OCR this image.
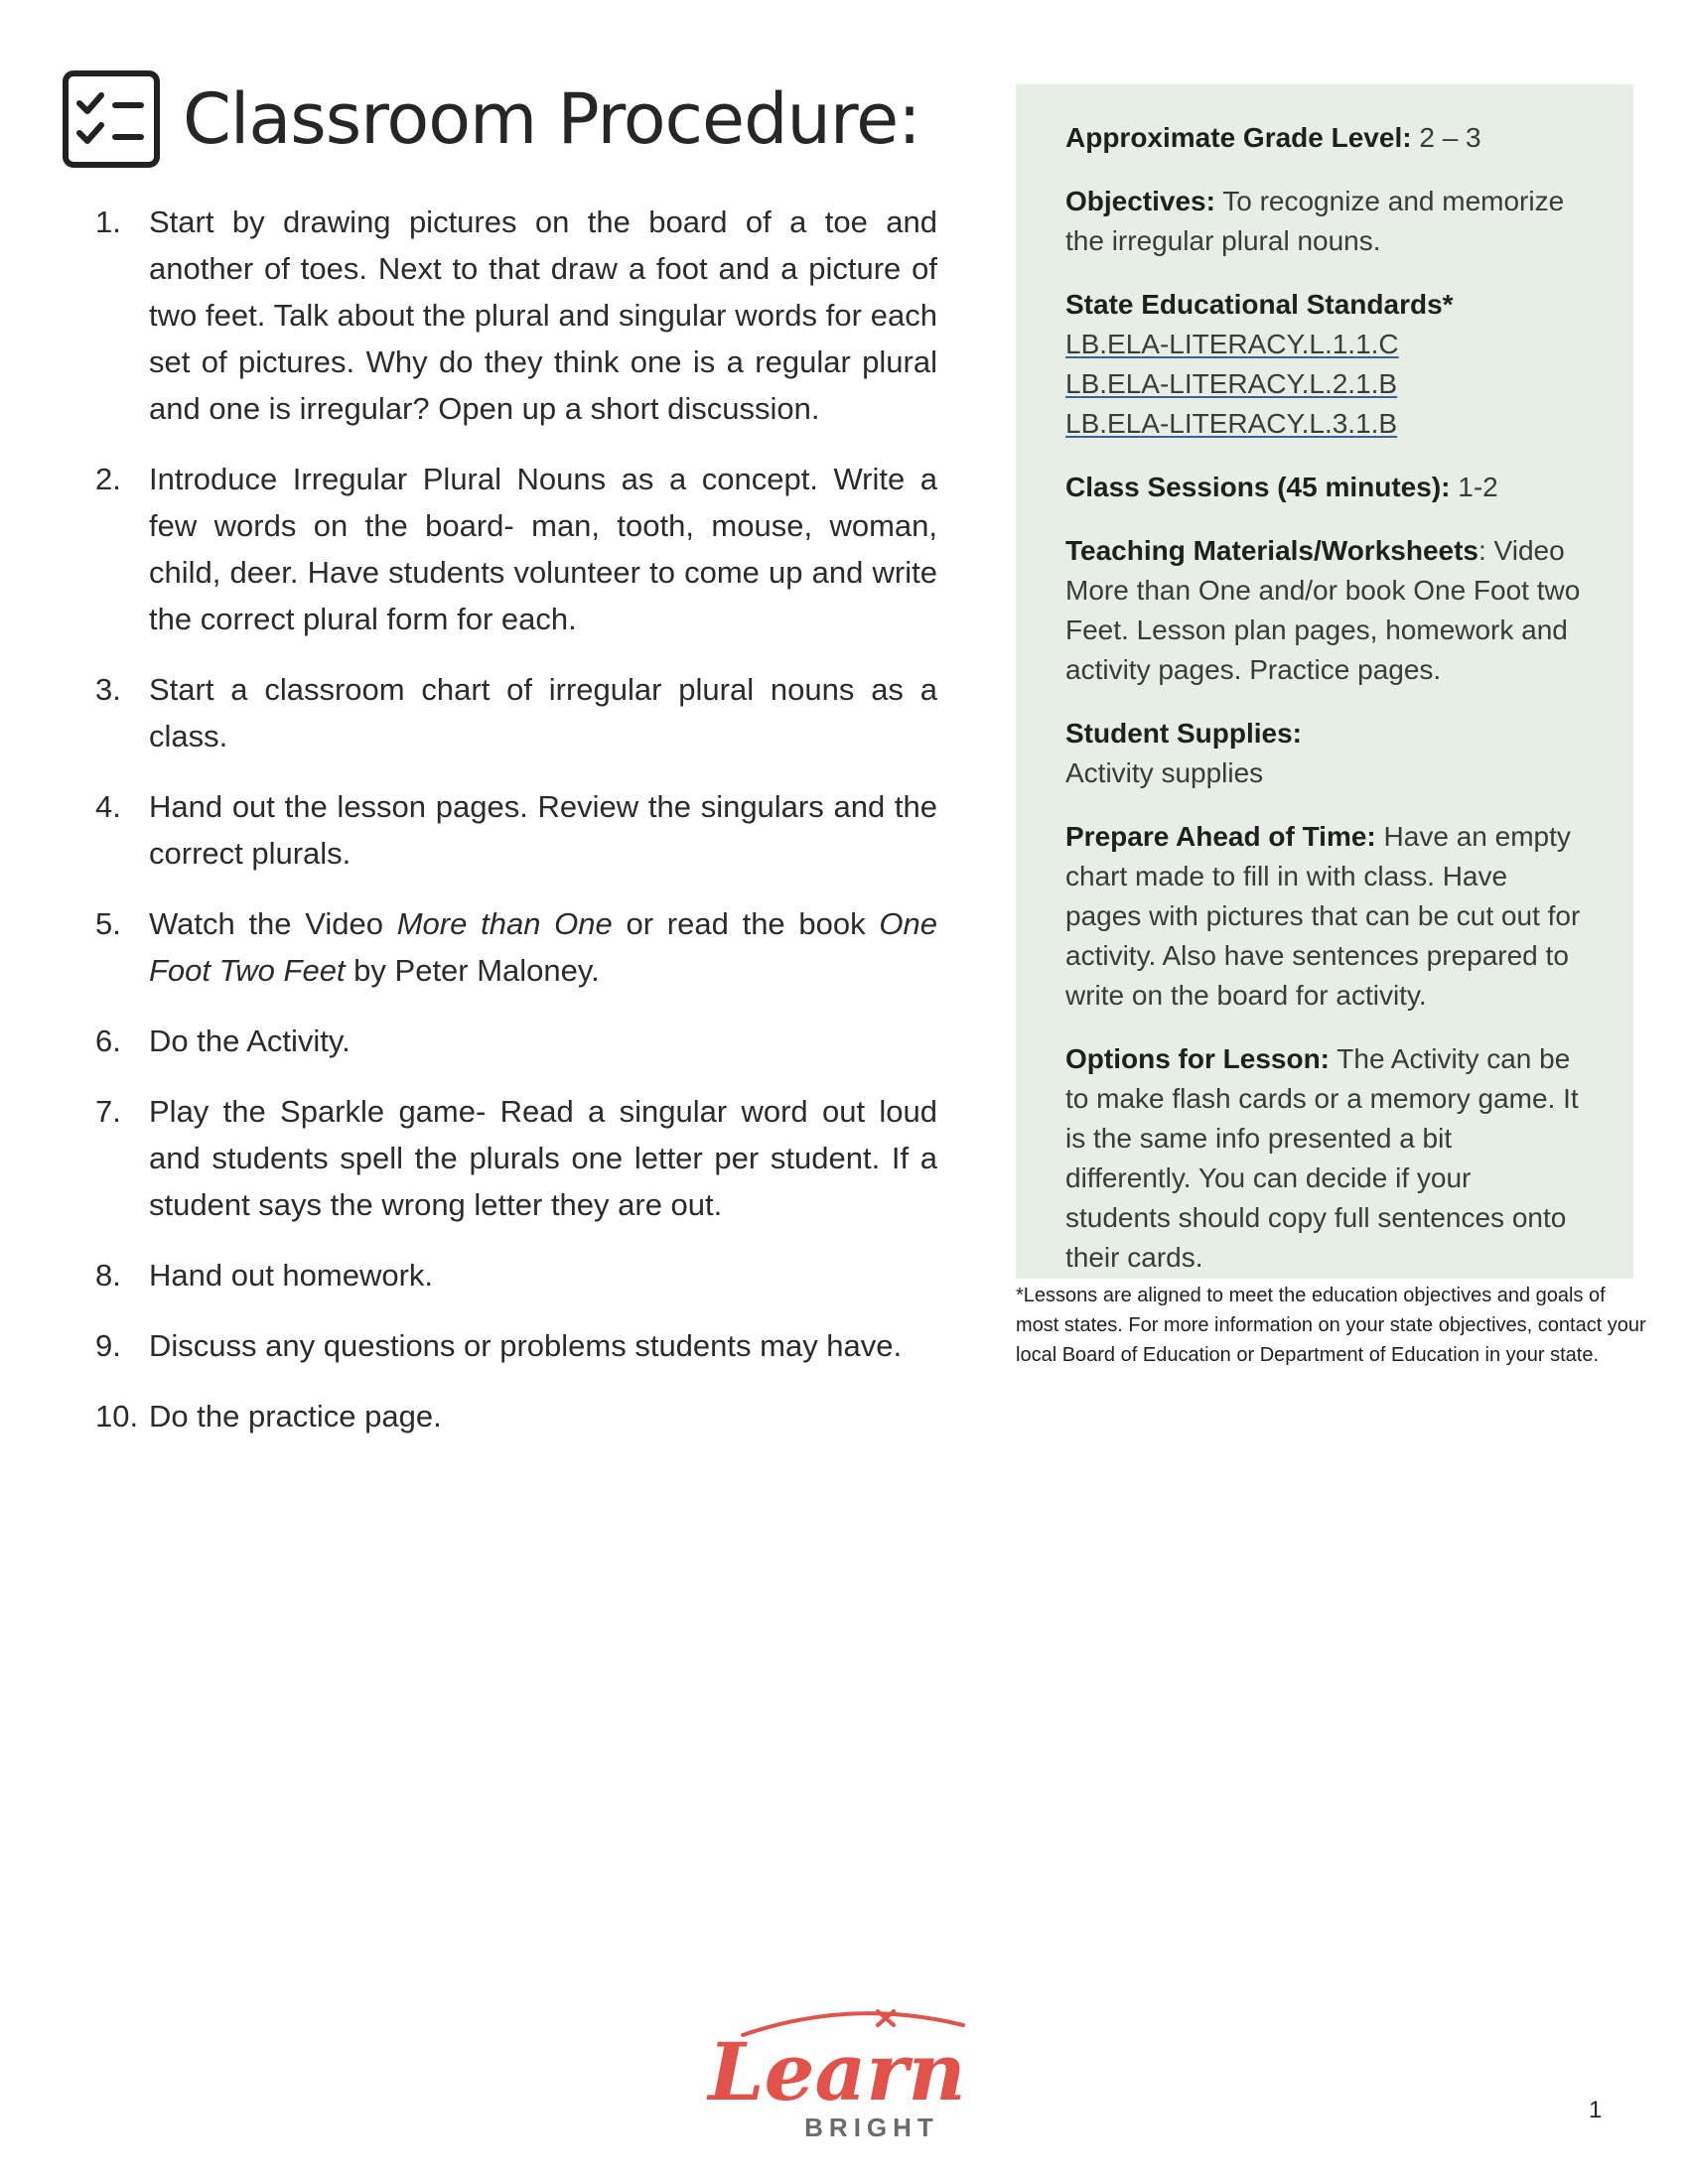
Classroom Procedure:
1. Start by drawing pictures on the board of a toe and another of toes. Next to that draw a foot and a picture of two feet. Talk about the plural and singular words for each set of pictures. Why do they think one is a regular plural and one is irregular? Open up a short discussion.
2. Introduce Irregular Plural Nouns as a concept. Write a few words on the board- man, tooth, mouse, woman, child, deer. Have students volunteer to come up and write the correct plural form for each.
3. Start a classroom chart of irregular plural nouns as a class.
4. Hand out the lesson pages. Review the singulars and the correct plurals.
5. Watch the Video More than One or read the book One Foot Two Feet by Peter Maloney.
6. Do the Activity.
7. Play the Sparkle game- Read a singular word out loud and students spell the plurals one letter per student. If a student says the wrong letter they are out.
8. Hand out homework.
9. Discuss any questions or problems students may have.
10. Do the practice page.
Approximate Grade Level: 2 – 3
Objectives: To recognize and memorize the irregular plural nouns.
State Educational Standards*
LB.ELA-LITERACY.L.1.1.C
LB.ELA-LITERACY.L.2.1.B
LB.ELA-LITERACY.L.3.1.B
Class Sessions (45 minutes): 1-2
Teaching Materials/Worksheets: Video More than One and/or book One Foot two Feet. Lesson plan pages, homework and activity pages. Practice pages.
Student Supplies:
Activity supplies
Prepare Ahead of Time: Have an empty chart made to fill in with class. Have pages with pictures that can be cut out for activity. Also have sentences prepared to write on the board for activity.
Options for Lesson: The Activity can be to make flash cards or a memory game. It is the same info presented a bit differently. You can decide if your students should copy full sentences onto their cards.
*Lessons are aligned to meet the education objectives and goals of most states. For more information on your state objectives, contact your local Board of Education or Department of Education in your state.
Learn
BRIGHT
1
